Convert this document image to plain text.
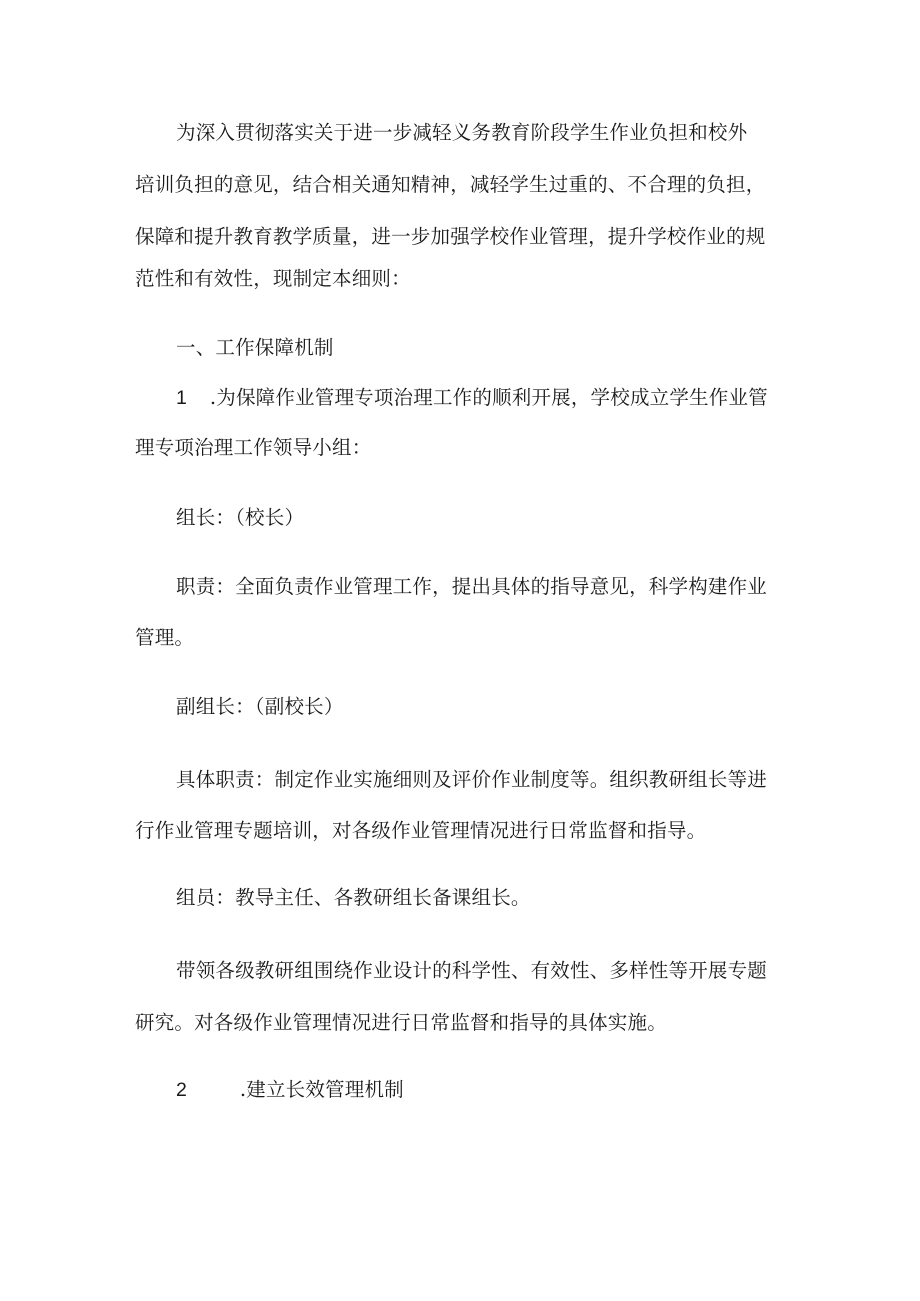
为深入贯彻落实关于进一步减轻义务教育阶段学生作业负担和校外
培训负担的意见，结合相关通知精神，减轻学生过重的、不合理的负担，
保障和提升教育教学质量，进一步加强学校作业管理，提升学校作业的规
范性和有效性，现制定本细则：
一、工作保障机制
1 .为保障作业管理专项治理工作的顺利开展，学校成立学生作业管
理专项治理工作领导小组：
组长：（校长）
职责：全面负责作业管理工作，提出具体的指导意见，科学构建作业
管理。
副组长：（副校长）
具体职责：制定作业实施细则及评价作业制度等。组织教研组长等进
行作业管理专题培训，对各级作业管理情况进行日常监督和指导。
组员：教导主任、各教研组长备课组长。
带领各级教研组围绕作业设计的科学性、有效性、多样性等开展专题
研究。对各级作业管理情况进行日常监督和指导的具体实施。
2	.建立长效管理机制
